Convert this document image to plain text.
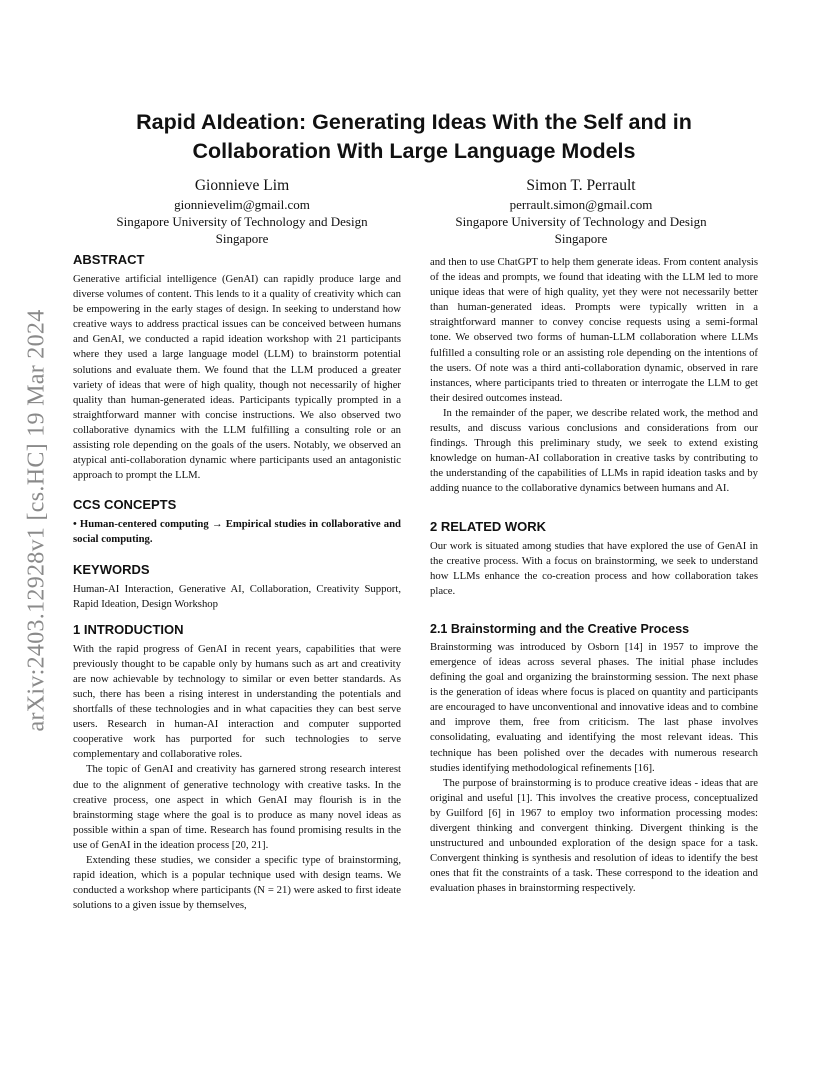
arXiv:2403.12928v1 [cs.HC] 19 Mar 2024
Rapid AIdeation: Generating Ideas With the Self and in Collaboration With Large Language Models
Gionnieve Lim
gionnievelim@gmail.com
Singapore University of Technology and Design
Singapore
Simon T. Perrault
perrault.simon@gmail.com
Singapore University of Technology and Design
Singapore
ABSTRACT

Generative artificial intelligence (GenAI) can rapidly produce large and diverse volumes of content. This lends to it a quality of creativity which can be empowering in the early stages of design. In seeking to understand how creative ways to address practical issues can be conceived between humans and GenAI, we conducted a rapid ideation workshop with 21 participants where they used a large language model (LLM) to brainstorm potential solutions and evaluate them. We found that the LLM produced a greater variety of ideas that were of high quality, though not necessarily of higher quality than human-generated ideas. Participants typically prompted in a straightforward manner with concise instructions. We also observed two collaborative dynamics with the LLM fulfilling a consulting role or an assisting role depending on the goals of the users. Notably, we observed an atypical anti-collaboration dynamic where participants used an antagonistic approach to prompt the LLM.

CCS CONCEPTS

• Human-centered computing → Empirical studies in collaborative and social computing.

KEYWORDS

Human-AI Interaction, Generative AI, Collaboration, Creativity Support, Rapid Ideation, Design Workshop

1 INTRODUCTION

With the rapid progress of GenAI in recent years, capabilities that were previously thought to be capable only by humans such as art and creativity are now achievable by technology to similar or even better standards. As such, there has been a rising interest in understanding the potentials and shortfalls of these technologies and in what capacities they can best serve users. Research in human-AI interaction and computer supported cooperative work has purported for such technologies to serve complementary and collaborative roles.

The topic of GenAI and creativity has garnered strong research interest due to the alignment of generative technology with creative tasks. In the creative process, one aspect in which GenAI may flourish is in the brainstorming stage where the goal is to produce as many novel ideas as possible within a span of time. Research has found promising results in the use of GenAI in the ideation process [20, 21].

Extending these studies, we consider a specific type of brainstorming, rapid ideation, which is a popular technique used with design teams. We conducted a workshop where participants (N = 21) were asked to first ideate solutions to a given issue by themselves,

and then to use ChatGPT to help them generate ideas. From content analysis of the ideas and prompts, we found that ideating with the LLM led to more unique ideas that were of high quality, yet they were not necessarily better than human-generated ideas. Prompts were typically written in a straightforward manner to convey concise requests using a semi-formal tone. We observed two forms of human-LLM collaboration where LLMs fulfilled a consulting role or an assisting role depending on the intentions of the users. Of note was a third anti-collaboration dynamic, observed in rare instances, where participants tried to threaten or interrogate the LLM to get their desired outcomes instead.

In the remainder of the paper, we describe related work, the method and results, and discuss various conclusions and considerations from our findings. Through this preliminary study, we seek to extend existing knowledge on human-AI collaboration in creative tasks by contributing to the understanding of the capabilities of LLMs in rapid ideation tasks and by adding nuance to the collaborative dynamics between humans and AI.

2 RELATED WORK

Our work is situated among studies that have explored the use of GenAI in the creative process. With a focus on brainstorming, we seek to understand how LLMs enhance the co-creation process and how collaboration takes place.

2.1 Brainstorming and the Creative Process

Brainstorming was introduced by Osborn [14] in 1957 to improve the emergence of ideas across several phases. The initial phase includes defining the goal and organizing the brainstorming session. The next phase is the generation of ideas where focus is placed on quantity and participants are encouraged to have unconventional and innovative ideas and to combine and improve them, free from criticism. The last phase involves consolidating, evaluating and identifying the most relevant ideas. This technique has been polished over the decades with numerous research studies identifying methodological refinements [16].

The purpose of brainstorming is to produce creative ideas - ideas that are original and useful [1]. This involves the creative process, conceptualized by Guilford [6] in 1967 to employ two information processing modes: divergent thinking and convergent thinking. Divergent thinking is the unstructured and unbounded exploration of the design space for a task. Convergent thinking is synthesis and resolution of ideas to identify the best ones that fit the constraints of a task. These correspond to the ideation and evaluation phases in brainstorming respectively.
